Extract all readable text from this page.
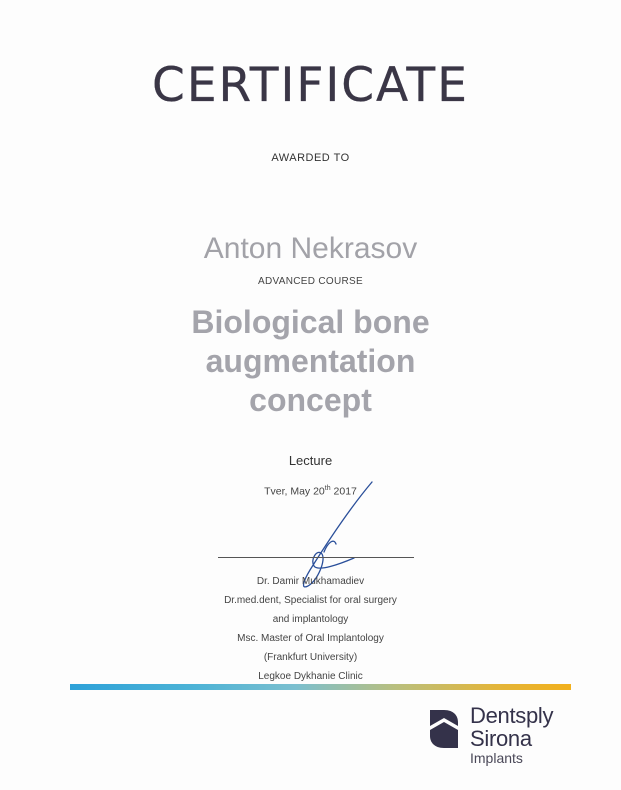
CERTIFICATE
AWARDED TO
Anton Nekrasov
ADVANCED COURSE
Biological bone
augmentation
concept
Lecture
Tver, May 20th 2017
Dr. Damir Mukhamadiev
Dr.med.dent, Specialist for oral surgery
and implantology
Msc. Master of Oral Implantology
(Frankfurt University)
Legkoe Dykhanie Clinic
Dentsply
Sirona
Implants
